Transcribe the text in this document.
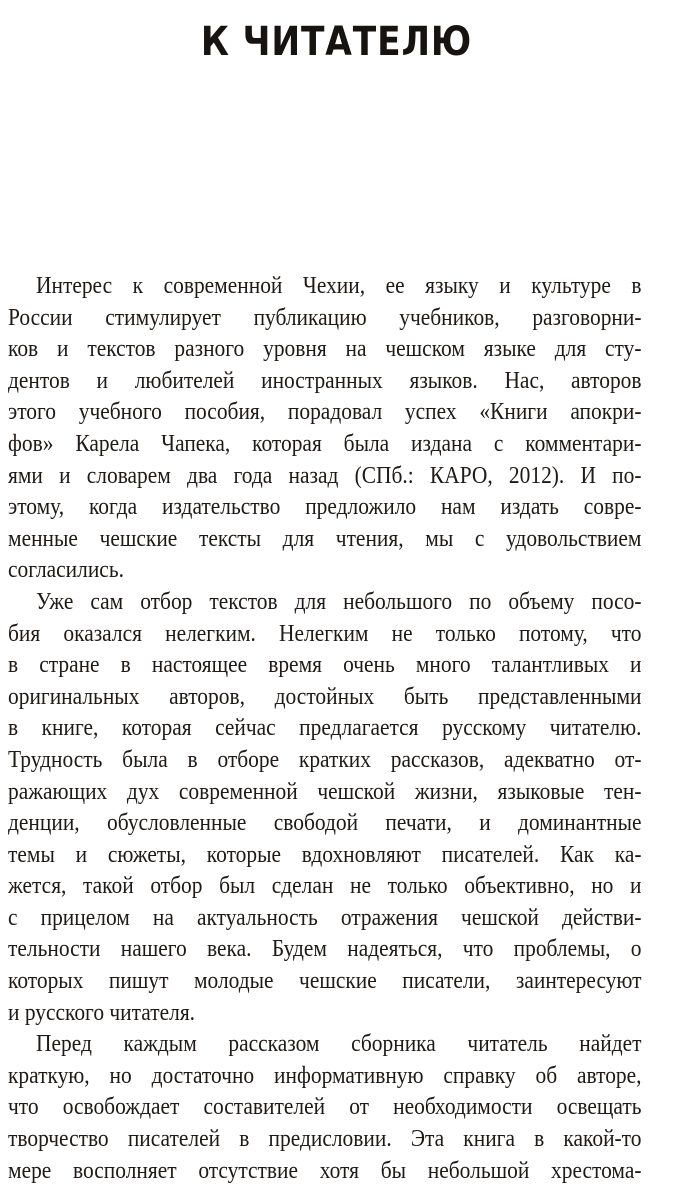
К ЧИТАТЕЛЮ
Интерес к современной Чехии, ее языку и культуре в
России стимулирует публикацию учебников, разговорни-
ков и текстов разного уровня на чешском языке для сту-
дентов и любителей иностранных языков. Нас, авторов
этого учебного пособия, порадовал успех «Книги апокри-
фов» Карела Чапека, которая была издана с комментари-
ями и словарем два года назад (СПб.: КАРО, 2012). И по-
этому, когда издательство предложило нам издать совре-
менные чешские тексты для чтения, мы с удовольствием
согласились.
Уже сам отбор текстов для небольшого по объему посо-
бия оказался нелегким. Нелегким не только потому, что
в стране в настоящее время очень много талантливых и
оригинальных авторов, достойных быть представленными
в книге, которая сейчас предлагается русскому читателю.
Трудность была в отборе кратких рассказов, адекватно от-
ражающих дух современной чешской жизни, языковые тен-
денции, обусловленные свободой печати, и доминантные
темы и сюжеты, которые вдохновляют писателей. Как ка-
жется, такой отбор был сделан не только объективно, но и
с прицелом на актуальность отражения чешской действи-
тельности нашего века. Будем надеяться, что проблемы, о
которых пишут молодые чешские писатели, заинтересуют
и русского читателя.
Перед каждым рассказом сборника читатель найдет
краткую, но достаточно информативную справку об авторе,
что освобождает составителей от необходимости освещать
творчество писателей в предисловии. Эта книга в какой-то
мере восполняет отсутствие хотя бы небольшой хрестома-
